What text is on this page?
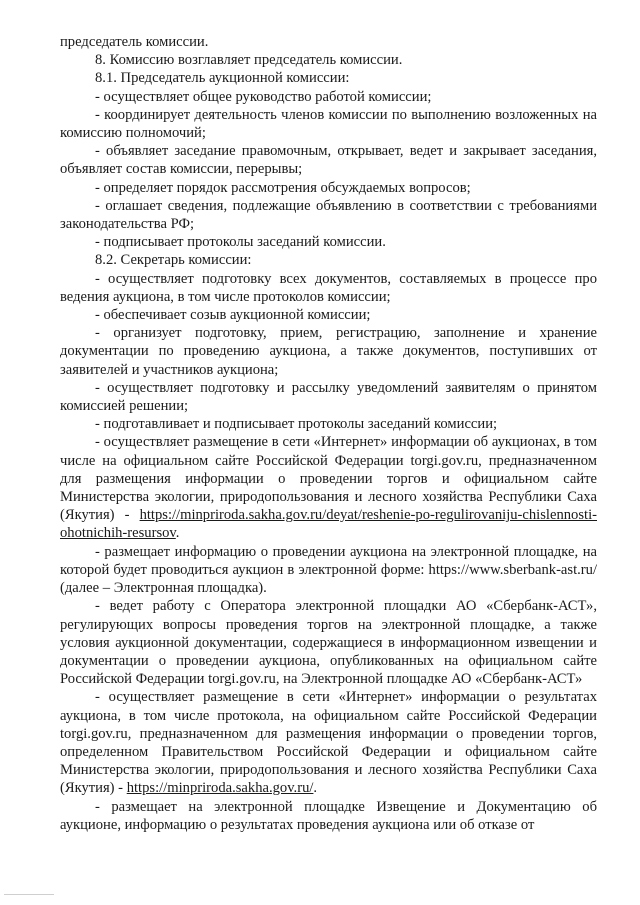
председатель комиссии.

8. Комиссию возглавляет председатель комиссии.

8.1. Председатель аукционной комиссии:

- осуществляет общее руководство работой комиссии;

- координирует деятельность членов комиссии по выполнению возложенных на комиссию полномочий;

- объявляет заседание правомочным, открывает, ведет и закрывает заседания, объявляет состав комиссии, перерывы;

- определяет порядок рассмотрения обсуждаемых вопросов;

- оглашает сведения, подлежащие объявлению в соответствии с требованиями законодательства РФ;

- подписывает протоколы заседаний комиссии.

8.2. Секретарь комиссии:

- осуществляет подготовку всех документов, составляемых в процессе про ведения аукциона, в том числе протоколов комиссии;

- обеспечивает созыв аукционной комиссии;

- организует подготовку, прием, регистрацию, заполнение и хранение документации по проведению аукциона, а также документов, поступивших от заявителей и участников аукциона;

- осуществляет подготовку и рассылку уведомлений заявителям о принятом комиссией решении;

- подготавливает и подписывает протоколы заседаний комиссии;

- осуществляет размещение в сети «Интернет» информации об аукционах, в том числе на официальном сайте Российской Федерации torgi.gov.ru, предназначенном для размещения информации о проведении торгов и официальном сайте Министерства экологии, природопользования и лесного хозяйства Республики Саха (Якутия) - https://minpriroda.sakha.gov.ru/deyat/reshenie-po-regulirovaniju-chislennosti-ohotnichih-resursov.

- размещает информацию о проведении аукциона на электронной площадке, на которой будет проводиться аукцион в электронной форме: https://www.sberbank-ast.ru/ (далее – Электронная площадка).

- ведет работу с Оператора электронной площадки АО «Сбербанк-АСТ», регулирующих вопросы проведения торгов на электронной площадке, а также условия аукционной документации, содержащиеся в информационном извещении и документации о проведении аукциона, опубликованных на официальном сайте Российской Федерации torgi.gov.ru, на Электронной площадке АО «Сбербанк-АСТ»

- осуществляет размещение в сети «Интернет» информации о результатах аукциона, в том числе протокола, на официальном сайте Российской Федерации torgi.gov.ru, предназначенном для размещения информации о проведении торгов, определенном Правительством Российской Федерации и официальном сайте Министерства экологии, природопользования и лесного хозяйства Республики Саха (Якутия) - https://minpriroda.sakha.gov.ru/.

- размещает на электронной площадке Извещение и Документацию об аукционе, информацию о результатах проведения аукциона или об отказе от
